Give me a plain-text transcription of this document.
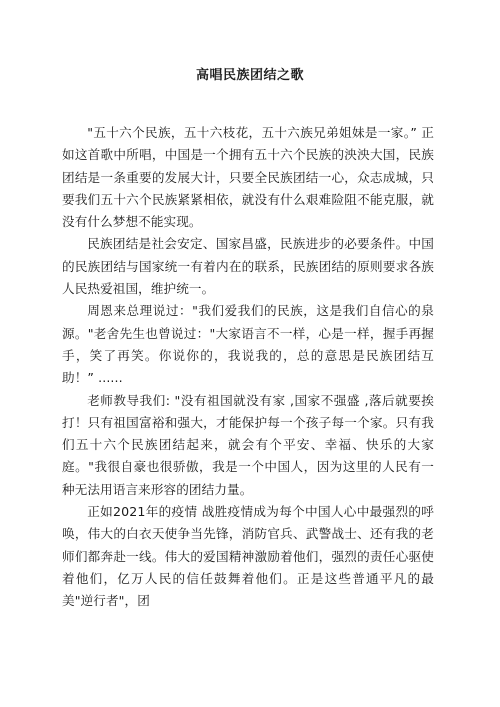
高唱民族团结之歌

"五十六个民族，五十六枝花，五十六族兄弟姐妹是一家。” 正如这首歌中所唱，中国是一个拥有五十六个民族的泱泱大国，民族团结是一条重要的发展大计，只要全民族团结一心，众志成城，只要我们五十六个民族紧紧相依，就没有什么艰难险阻不能克服，就没有什么梦想不能实现。

民族团结是社会安定、国家昌盛，民族进步的必要条件。中国的民族团结与国家统一有着内在的联系，民族团结的原则要求各族人民热爱祖国，维护统一。

周恩来总理说过："我们爱我们的民族，这是我们自信心的泉源。"老舍先生也曾说过："大家语言不一样，心是一样，握手再握手，笑了再笑。你说你的，我说我的，总的意思是民族团结互助！” ......

老师教导我们: "没有祖国就没有家 ,国家不强盛 ,落后就要挨打！只有祖国富裕和强大，才能保护每一个孩子每一个家。只有我们五十六个民族团结起来，就会有个平安、幸福、快乐的大家庭。"我很自豪也很骄傲，我是一个中国人，因为这里的人民有一种无法用语言来形容的团结力量。

正如2021年的疫情 战胜疫情成为每个中国人心中最强烈的呼唤，伟大的白衣天使争当先锋，消防官兵、武警战士、还有我的老师们都奔赴一线。伟大的爱国精神激励着他们，强烈的责任心驱使着他们，亿万人民的信任鼓舞着他们。正是这些普通平凡的最美"逆行者"，团
